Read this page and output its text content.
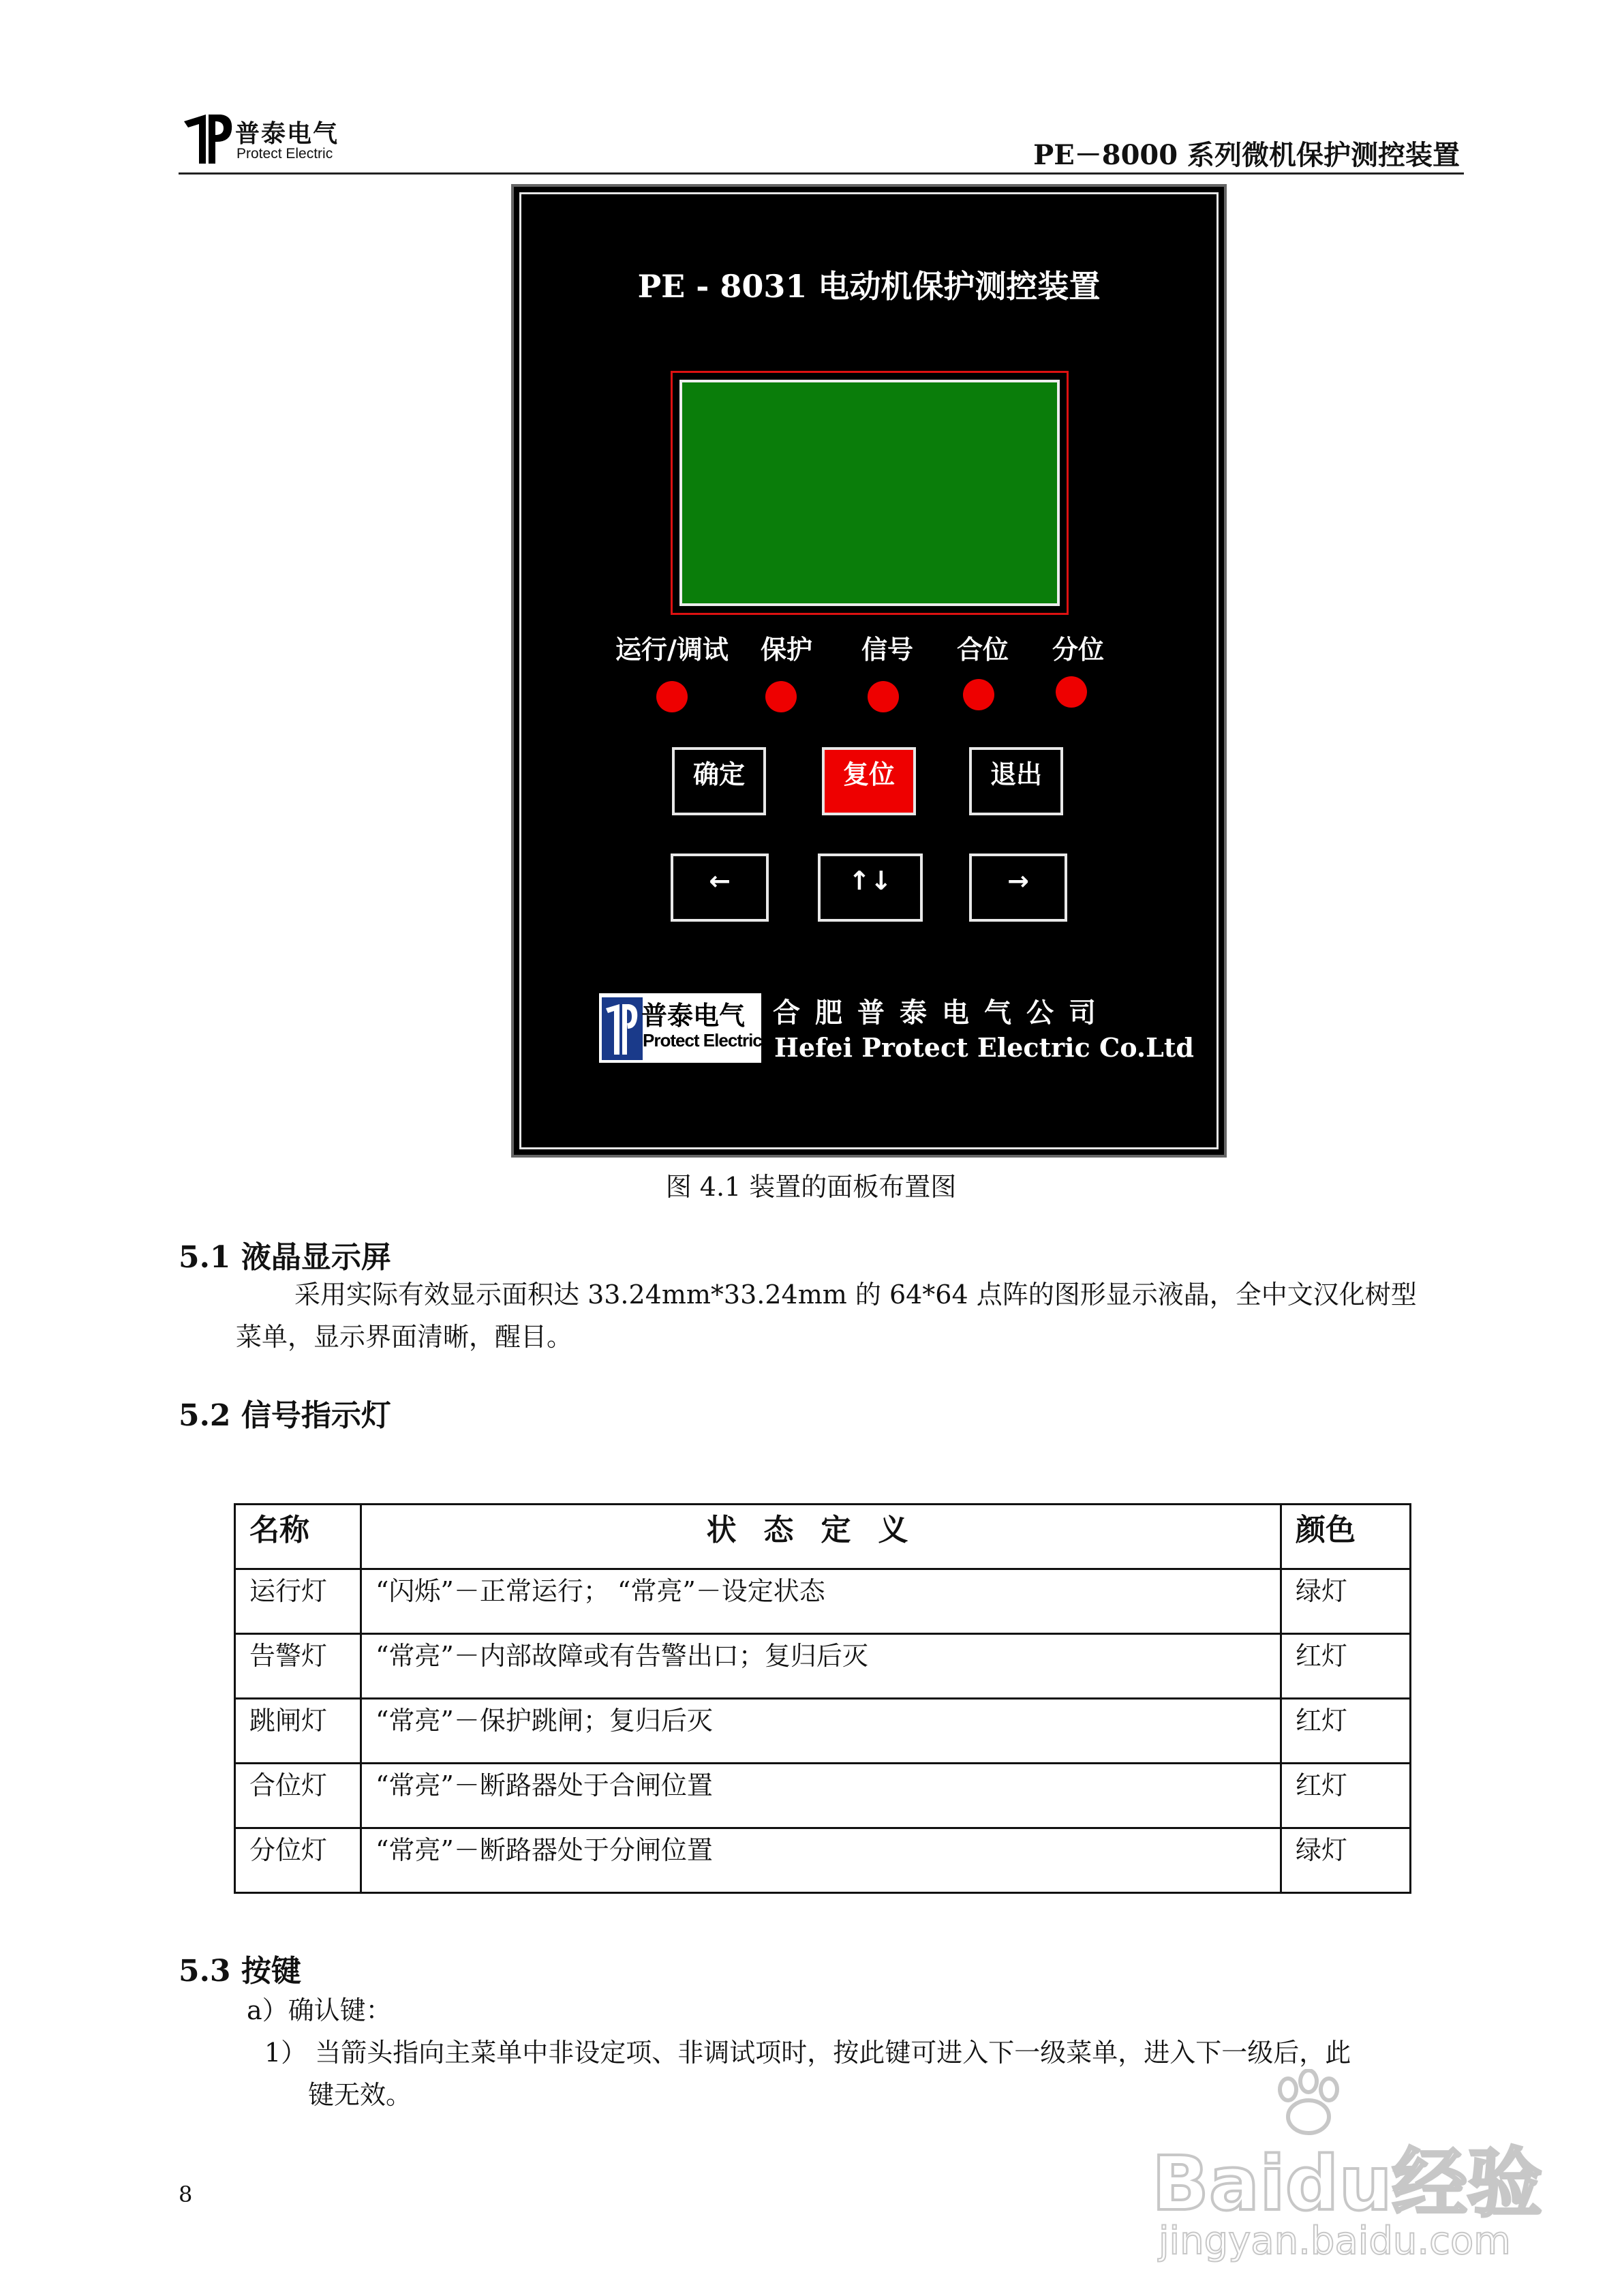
普泰电气
Protect Electric	PE－8000 系列微机保护测控装置
PE - 8031 电动机保护测控装置
运行/调试 保护 信号 合位 分位
确定	复位	退出
←	↑↓	→
普泰电气
Protect Electric
合肥普泰电气公司
Hefei Protect Electric Co.Ltd
图 4.1 装置的面板布置图
5.1 液晶显示屏
采用实际有效显示面积达 33.24mm*33.24mm 的 64*64 点阵的图形显示液晶，全中文汉化树型
菜单，显示界面清晰，醒目。
5.2 信号指示灯
名称	状态定义	颜色
运行灯	“闪烁”－正常运行； “常亮”－设定状态	绿灯
告警灯	“常亮”－内部故障或有告警出口；复归后灭	红灯
跳闸灯	“常亮”－保护跳闸；复归后灭	红灯
合位灯	“常亮”－断路器处于合闸位置	红灯
分位灯	“常亮”－断路器处于分闸位置	绿灯
5.3 按键
a）确认键：
1） 当箭头指向主菜单中非设定项、非调试项时，按此键可进入下一级菜单，进入下一级后，此
键无效。
8	Baidu经验
jingyan.baidu.com
